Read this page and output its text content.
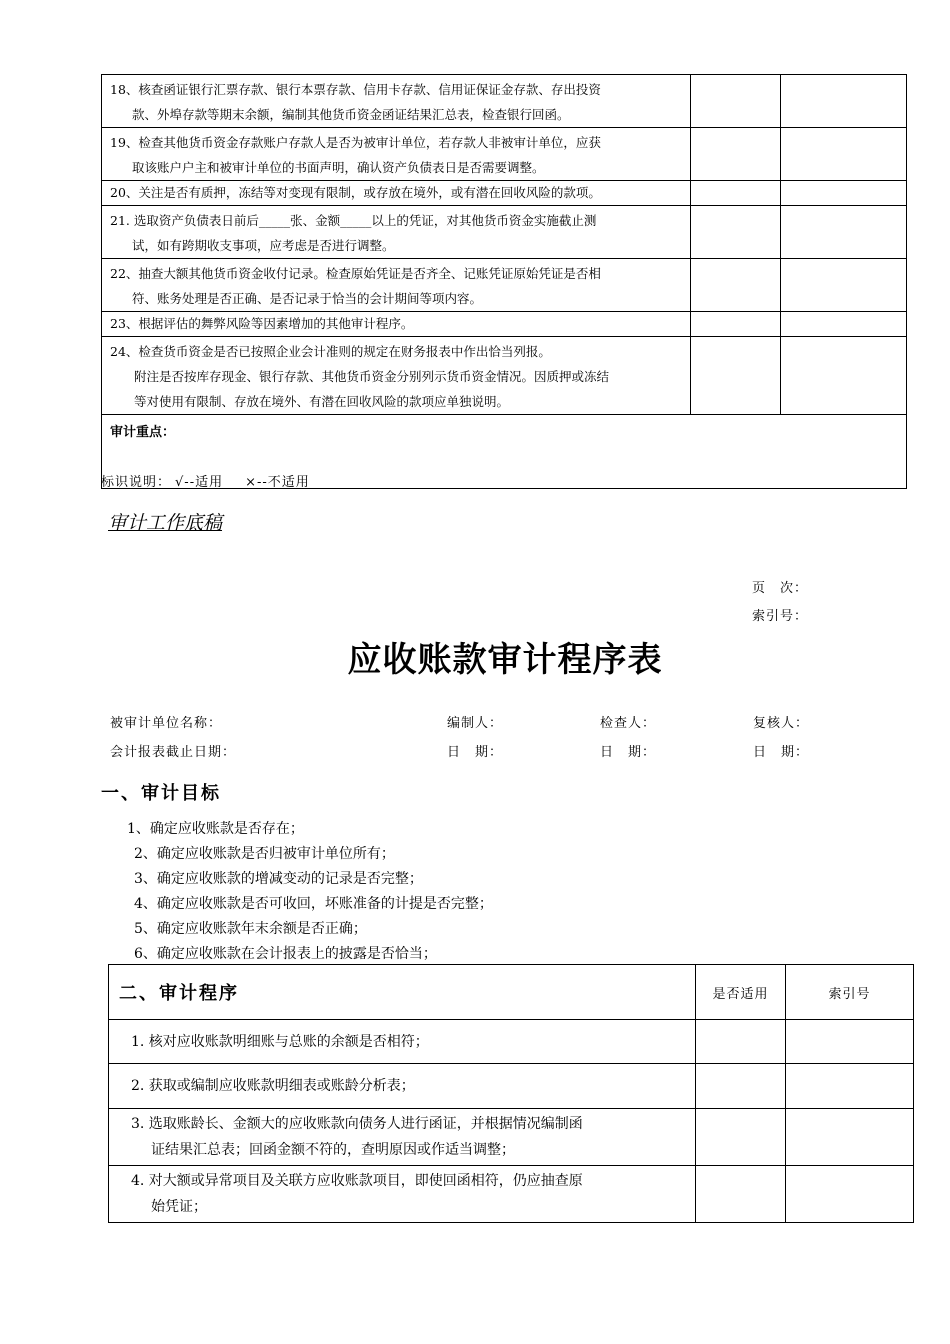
18、核查函证银行汇票存款、银行本票存款、信用卡存款、信用证保证金存款、存出投资
款、外埠存款等期末余额，编制其他货币资金函证结果汇总表，检查银行回函。		

19、检查其他货币资金存款账户存款人是否为被审计单位，若存款人非被审计单位，应获
取该账户户主和被审计单位的书面声明，确认资产负债表日是否需要调整。		

20、关注是否有质押，冻结等对变现有限制，或存放在境外，或有潜在回收风险的款项。		

21. 选取资产负债表日前后_____张、金额_____以上的凭证，对其他货币资金实施截止测
试，如有跨期收支事项，应考虑是否进行调整。		

22、抽查大额其他货币资金收付记录。检查原始凭证是否齐全、记账凭证原始凭证是否相
符、账务处理是否正确、是否记录于恰当的会计期间等项内容。		

23、根据评估的舞弊风险等因素增加的其他审计程序。		

24、检查货币资金是否已按照企业会计准则的规定在财务报表中作出恰当列报。
附注是否按库存现金、银行存款、其他货币资金分别列示货币资金情况。因质押或冻结
等对使用有限制、存放在境外、有潜在回收风险的款项应单独说明。		

审计重点：		
标识说明： √--适用 ×--不适用
审计工作底稿
页　次：
索引号：
应收账款审计程序表
被审计单位名称：	编制人：	检查人：	复核人：
会计报表截止日期：	日　期：	日　期：	日　期：
一、审计目标
1、确定应收账款是否存在；
2、确定应收账款是否归被审计单位所有；
3、确定应收账款的增减变动的记录是否完整；
4、确定应收账款是否可收回，坏账准备的计提是否完整；
5、确定应收账款年末余额是否正确；
6、确定应收账款在会计报表上的披露是否恰当；
二、审计程序	是否适用	索引号

1. 核对应收账款明细账与总账的余额是否相符；		

2. 获取或编制应收账款明细表或账龄分析表；		

3. 选取账龄长、金额大的应收账款向债务人进行函证，并根据情况编制函
证结果汇总表；回函金额不符的，查明原因或作适当调整；		

4. 对大额或异常项目及关联方应收账款项目，即使回函相符，仍应抽查原
始凭证；		
